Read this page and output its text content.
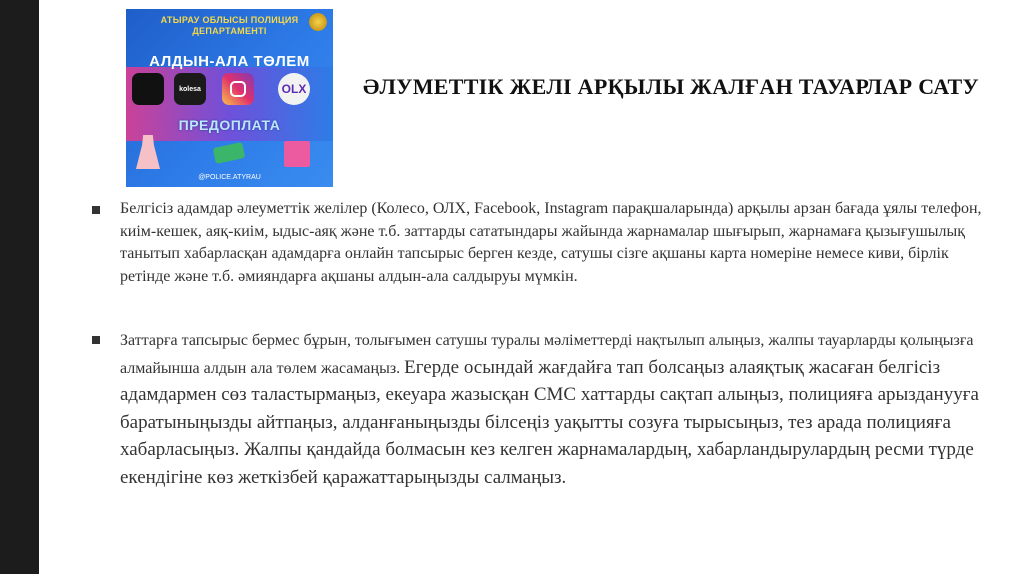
АТЫРАУ ОБЛЫСЫ ПОЛИЦИЯ ДЕПАРТАМЕНТІ
АЛДЫН-АЛА ТӨЛЕМ
kolesa	OLX
ПРЕДОПЛАТА
@POLICE.ATYRAU
ӘЛУМЕТТІК ЖЕЛІ АРҚЫЛЫ ЖАЛҒАН ТАУАРЛАР САТУ
Белгісіз адамдар әлеуметтік желілер (Колесо, ОЛХ, Facebook, Instagram парақшаларында) арқылы арзан бағада ұялы телефон, киім-кешек, аяқ-киім, ыдыс-аяқ және т.б. заттарды сататындары жайында жарнамалар шығырып, жарнамаға қызығушылық танытып хабарласқан адамдарға онлайн тапсырыс берген кезде, сатушы сізге ақшаны карта номеріне немесе киви, бірлік ретінде және т.б. әмияндарға ақшаны алдын-ала салдыруы мүмкін.
Заттарға тапсырыс бермес бұрын, толығымен сатушы туралы мәліметтерді нақтылып алыңыз, жалпы тауарларды қолыңызға алмайынша алдын ала төлем жасамаңыз. Егерде осындай жағдайға тап болсаңыз алаяқтық жасаған белгісіз адамдармен сөз таластырмаңыз, екеуара жазысқан СМС хаттарды сақтап алыңыз, полицияға арызданууға баратыныңызды айтпаңыз, алданғаныңызды білсеңіз уақытты созуға тырысыңыз, тез арада полицияға хабарласыңыз. Жалпы қандайда болмасын кез келген жарнамалардың, хабарландырулардың ресми түрде екендігіне көз жеткізбей қаражаттарыңызды салмаңыз.
